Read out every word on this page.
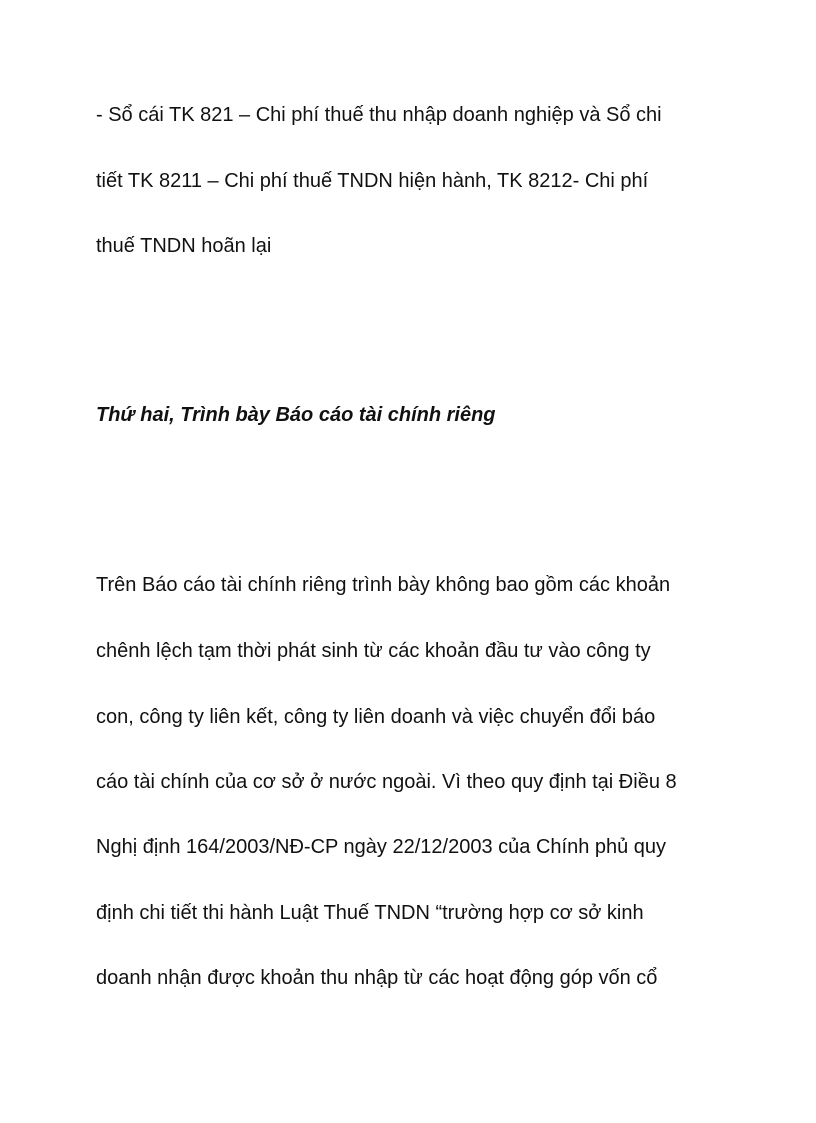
- Sổ cái TK 821 – Chi phí thuế thu nhập doanh nghiệp và Sổ chi

tiết TK 8211 – Chi phí thuế TNDN hiện hành, TK 8212- Chi phí

thuế TNDN hoãn lại

Thứ hai, Trình bày Báo cáo tài chính riêng

Trên Báo cáo tài chính riêng trình bày không bao gồm các khoản

chênh lệch tạm thời phát sinh từ các khoản đầu tư vào công ty

con, công ty liên kết, công ty liên doanh và việc chuyển đổi báo

cáo tài chính của cơ sở ở nước ngoài. Vì theo quy định tại Điều 8

Nghị định 164/2003/NĐ-CP ngày 22/12/2003 của Chính phủ quy

định chi tiết thi hành Luật Thuế TNDN “trường hợp cơ sở kinh

doanh nhận được khoản thu nhập từ các hoạt động góp vốn cổ
